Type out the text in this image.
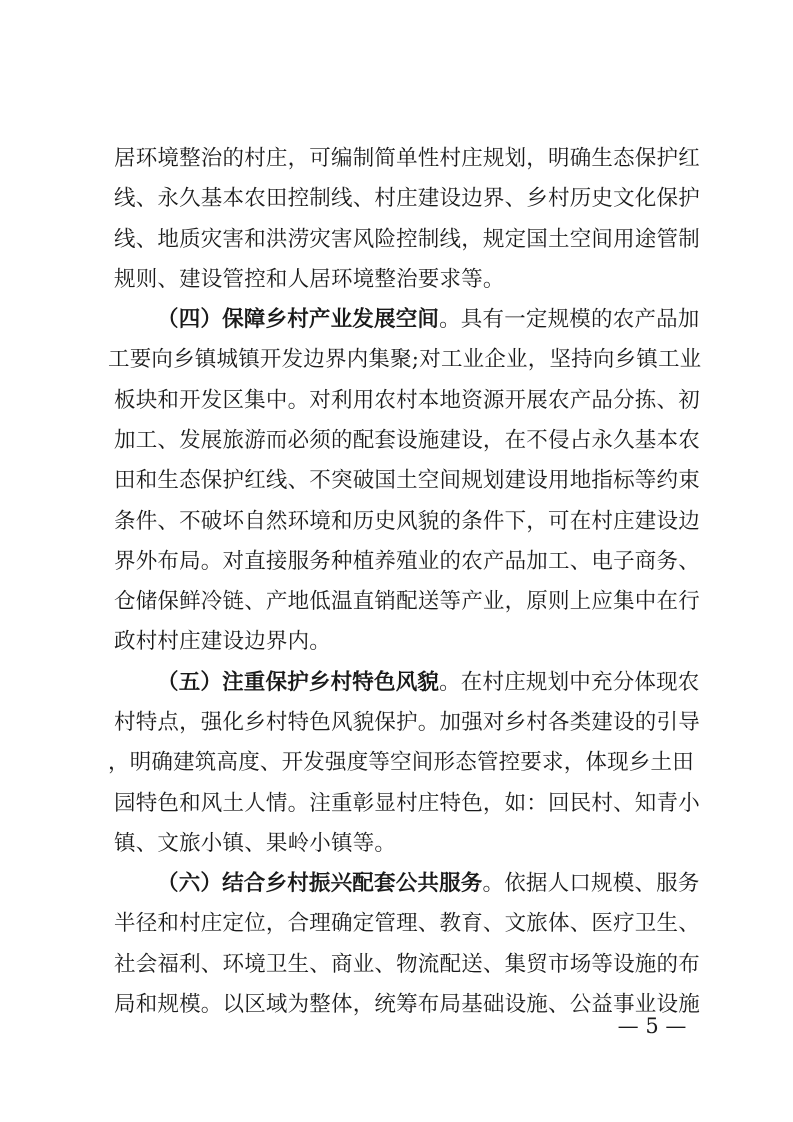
居环境整治的村庄，可编制简单性村庄规划，明确生态保护红
线、永久基本农田控制线、村庄建设边界、乡村历史文化保护
线、地质灾害和洪涝灾害风险控制线，规定国土空间用途管制
规则、建设管控和人居环境整治要求等。
（四）保障乡村产业发展空间。具有一定规模的农产品加
工要向乡镇城镇开发边界内集聚;对工业企业，坚持向乡镇工业
板块和开发区集中。对利用农村本地资源开展农产品分拣、初
加工、发展旅游而必须的配套设施建设，在不侵占永久基本农
田和生态保护红线、不突破国土空间规划建设用地指标等约束
条件、不破坏自然环境和历史风貌的条件下，可在村庄建设边
界外布局。对直接服务种植养殖业的农产品加工、电子商务、
仓储保鲜冷链、产地低温直销配送等产业，原则上应集中在行
政村村庄建设边界内。
（五）注重保护乡村特色风貌。在村庄规划中充分体现农
村特点，强化乡村特色风貌保护。加强对乡村各类建设的引导
，明确建筑高度、开发强度等空间形态管控要求，体现乡土田
园特色和风土人情。注重彰显村庄特色，如：回民村、知青小
镇、文旅小镇、果岭小镇等。
（六）结合乡村振兴配套公共服务。依据人口规模、服务
— 5 —
半径和村庄定位，合理确定管理、教育、文旅体、医疗卫生、
社会福利、环境卫生、商业、物流配送、集贸市场等设施的布
局和规模。以区域为整体，统筹布局基础设施、公益事业设施
